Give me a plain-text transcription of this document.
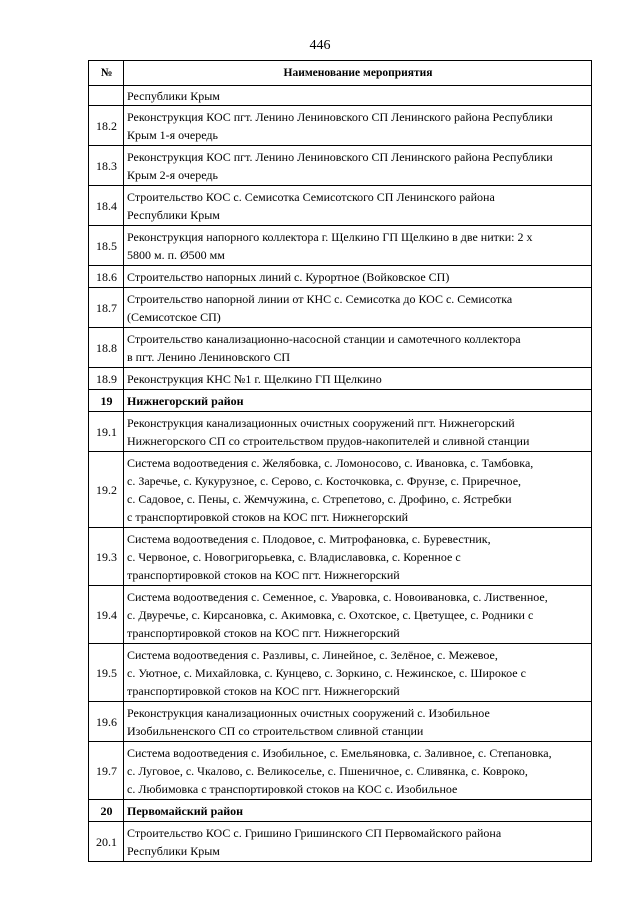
446
№	Наименование мероприятия
	Республики Крым
18.2	Реконструкция КОС пгт. Ленино Лениновского СП Ленинского района Республики
Крым 1-я очередь
18.3	Реконструкция КОС пгт. Ленино Лениновского СП Ленинского района Республики
Крым 2-я очередь
18.4	Строительство КОС с. Семисотка Семисотского СП Ленинского района
Республики Крым
18.5	Реконструкция напорного коллектора г. Щелкино ГП Щелкино в две нитки: 2 х
5800 м. п. Ø500 мм
18.6	Строительство напорных линий с. Курортное (Войковское СП)
18.7	Строительство напорной линии от КНС с. Семисотка до КОС с. Семисотка
(Семисотское СП)
18.8	Строительство канализационно-насосной станции и самотечного коллектора
в пгт. Ленино Лениновского СП
18.9	Реконструкция КНС №1 г. Щелкино ГП Щелкино
19	Нижнегорский район
19.1	Реконструкция канализационных очистных сооружений пгт. Нижнегорский
Нижнегорского СП со строительством прудов-накопителей и сливной станции
19.2	Система водоотведения с. Желябовка, с. Ломоносово, с. Ивановка, с. Тамбовка,
с. Заречье, с. Кукурузное, с. Серово, с. Косточковка, с. Фрунзе, с. Приречное,
с. Садовое, с. Пены, с. Жемчужина, с. Стрепетово, с. Дрофино, с. Ястребки
с транспортировкой стоков на КОС пгт. Нижнегорский
19.3	Система водоотведения с. Плодовое, с. Митрофановка, с. Буревестник,
с. Червоное, с. Новогригорьевка, с. Владиславовка, с. Коренное с
транспортировкой стоков на КОС пгт. Нижнегорский
19.4	Система водоотведения с. Семенное, с. Уваровка, с. Новоивановка, с. Лиственное,
с. Двуречье, с. Кирсановка, с. Акимовка, с. Охотское, с. Цветущее, с. Родники с
транспортировкой стоков на КОС пгт. Нижнегорский
19.5	Система водоотведения с. Разливы, с. Линейное, с. Зелёное, с. Межевое,
с. Уютное, с. Михайловка, с. Кунцево, с. Зоркино, с. Нежинское, с. Широкое с
транспортировкой стоков на КОС пгт. Нижнегорский
19.6	Реконструкция канализационных очистных сооружений с. Изобильное
Изобильненского СП со строительством сливной станции
19.7	Система водоотведения с. Изобильное, с. Емельяновка, с. Заливное, с. Степановка,
с. Луговое, с. Чкалово, с. Великоселье, с. Пшеничное, с. Сливянка, с. Ковроко,
с. Любимовка с транспортировкой стоков на КОС с. Изобильное
20	Первомайский район
20.1	Строительство КОС с. Гришино Гришинского СП Первомайского района
Республики Крым
